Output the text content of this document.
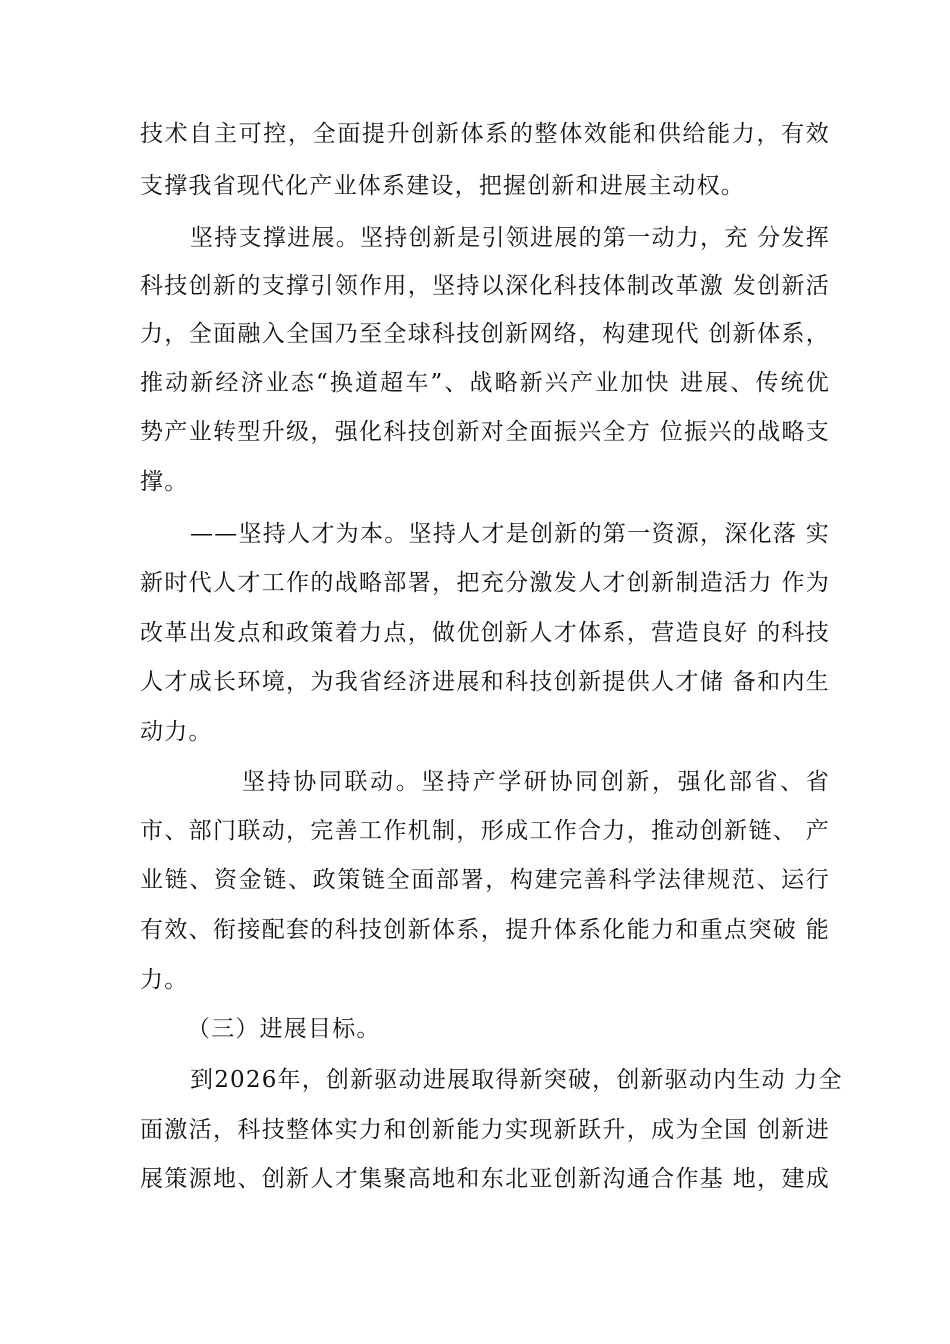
技术自主可控，全面提升创新体系的整体效能和供给能力，有效
支撑我省现代化产业体系建设，把握创新和进展主动权。
坚持支撑进展。坚持创新是引领进展的第一动力，充 分发挥
科技创新的支撑引领作用，坚持以深化科技体制改革激 发创新活
力，全面融入全国乃至全球科技创新网络，构建现代 创新体系，
推动新经济业态“换道超车”、战略新兴产业加快 进展、传统优
势产业转型升级，强化科技创新对全面振兴全方 位振兴的战略支
撑。
——坚持人才为本。坚持人才是创新的第一资源，深化落 实
新时代人才工作的战略部署，把充分激发人才创新制造活力 作为
改革出发点和政策着力点，做优创新人才体系，营造良好 的科技
人才成长环境，为我省经济进展和科技创新提供人才储 备和内生
动力。
坚持协同联动。坚持产学研协同创新，强化部省、省
市、部门联动，完善工作机制，形成工作合力，推动创新链、 产
业链、资金链、政策链全面部署，构建完善科学法律规范、运行
有效、衔接配套的科技创新体系，提升体系化能力和重点突破 能
力。
（三）进展目标。
到2026年，创新驱动进展取得新突破，创新驱动内生动 力全
面激活，科技整体实力和创新能力实现新跃升，成为全国 创新进
展策源地、创新人才集聚高地和东北亚创新沟通合作基 地，建成
